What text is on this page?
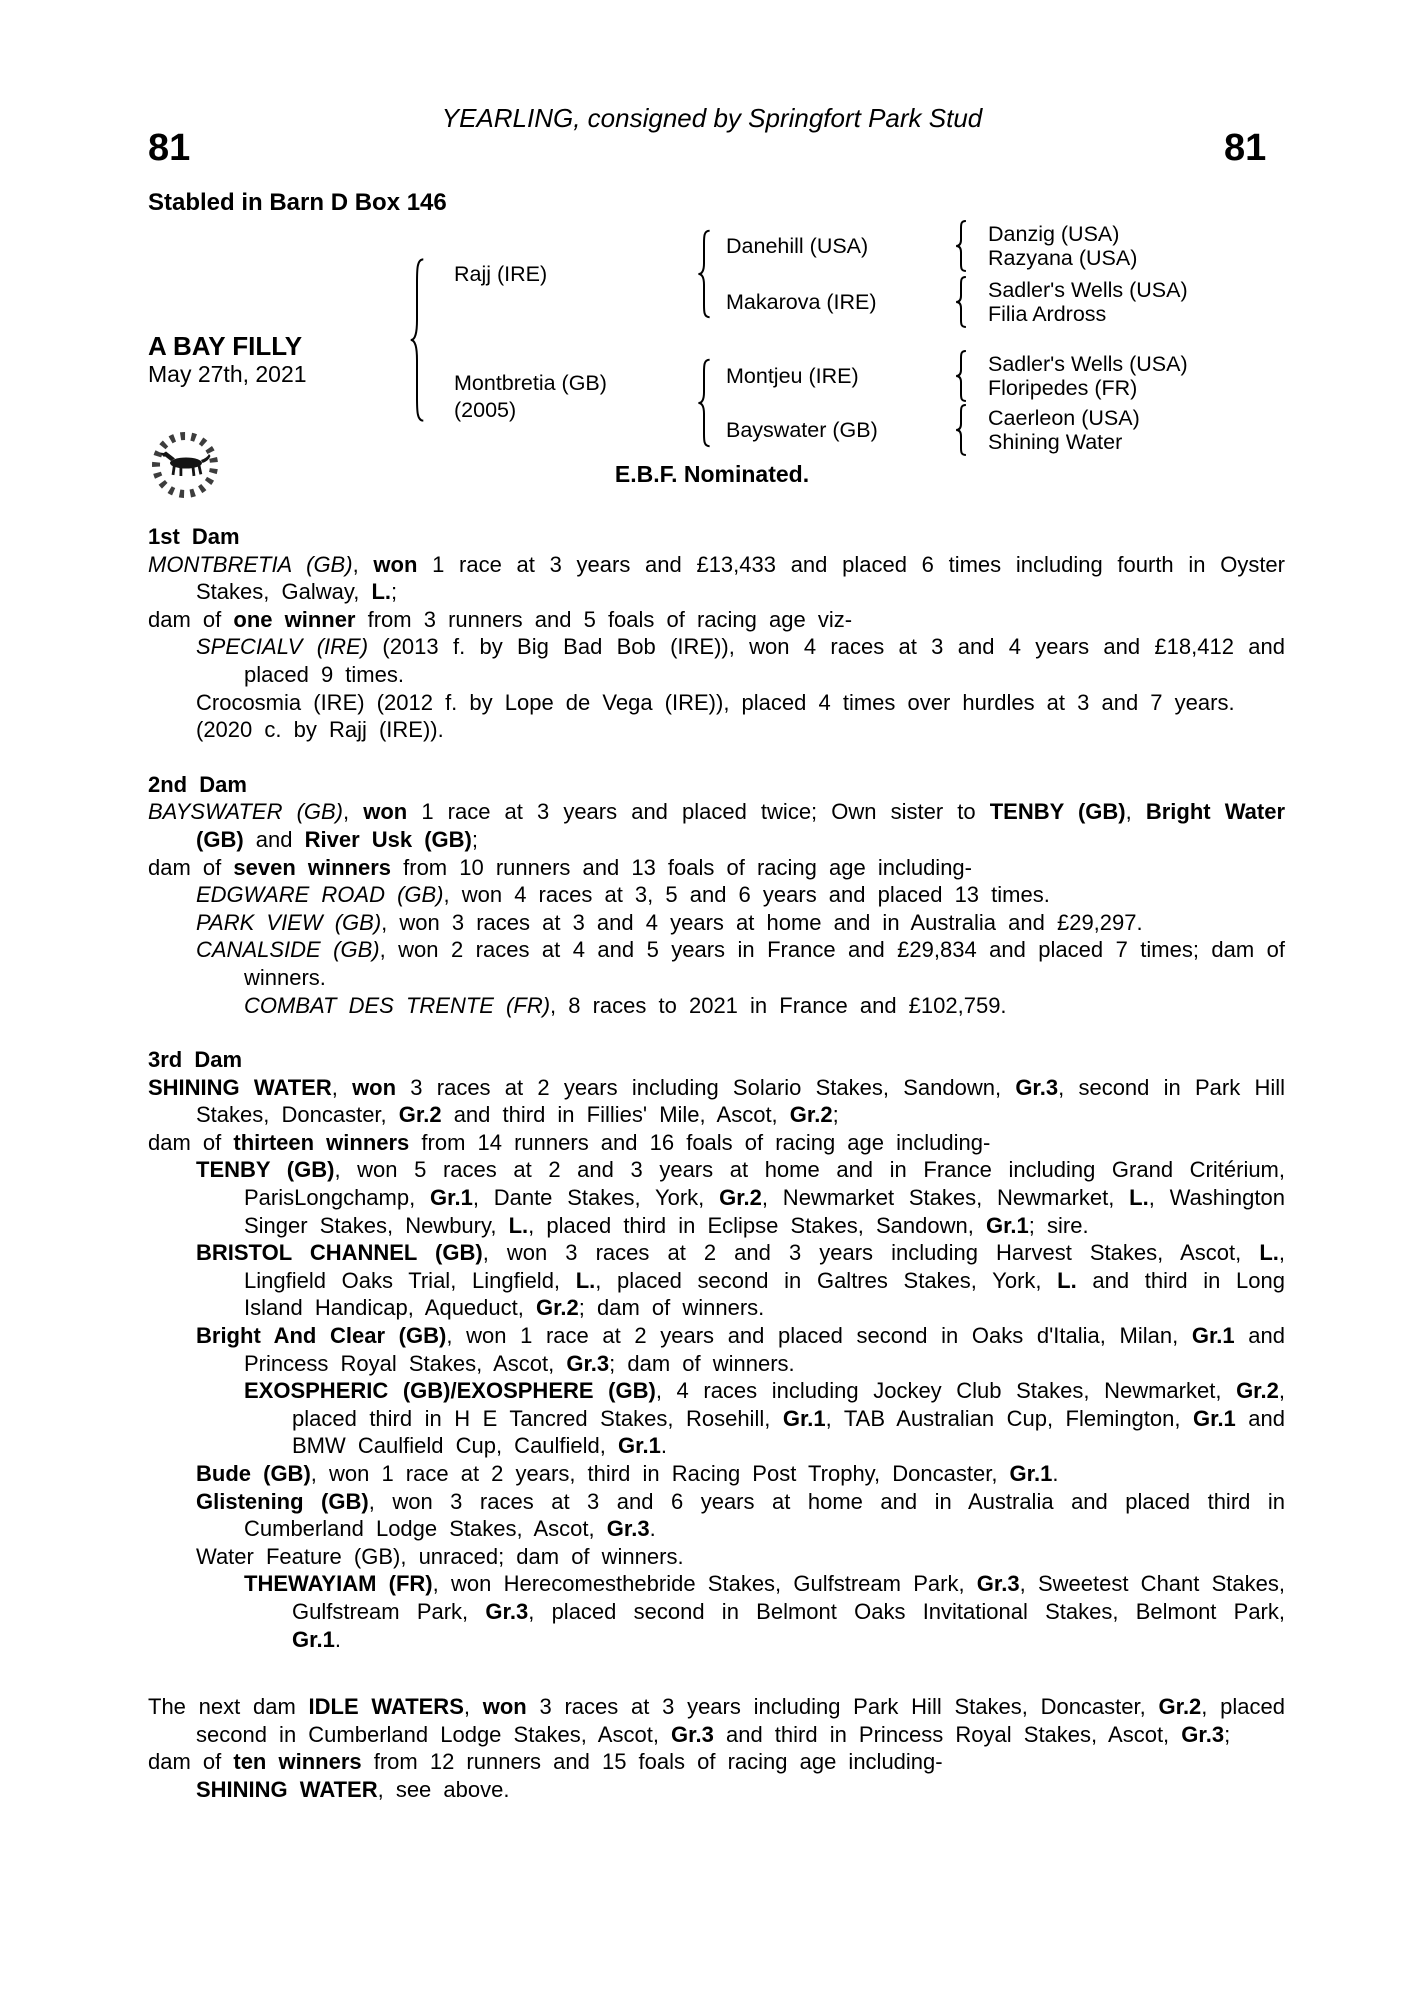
YEARLING, consigned by Springfort Park Stud
81	81
Stabled in Barn D Box 146
A BAY FILLY
May 27th, 2021
Rajj (IRE)
Montbretia (GB)
(2005)
Danehill (USA)
Makarova (IRE)
Montjeu (IRE)
Bayswater (GB)
Danzig (USA)
Razyana (USA)
Sadler's Wells (USA)
Filia Ardross
Sadler's Wells (USA)
Floripedes (FR)
Caerleon (USA)
Shining Water
E.B.F. Nominated.
1st Dam
MONTBRETIA (GB), won 1 race at 3 years and £13,433 and placed 6 times including fourth in Oyster Stakes, Galway, L.;
dam of one winner from 3 runners and 5 foals of racing age viz-
SPECIALV (IRE) (2013 f. by Big Bad Bob (IRE)), won 4 races at 3 and 4 years and £18,412 and placed 9 times.
Crocosmia (IRE) (2012 f. by Lope de Vega (IRE)), placed 4 times over hurdles at 3 and 7 years.
(2020 c. by Rajj (IRE)).
2nd Dam
BAYSWATER (GB), won 1 race at 3 years and placed twice; Own sister to TENBY (GB), Bright Water (GB) and River Usk (GB);
dam of seven winners from 10 runners and 13 foals of racing age including-
EDGWARE ROAD (GB), won 4 races at 3, 5 and 6 years and placed 13 times.
PARK VIEW (GB), won 3 races at 3 and 4 years at home and in Australia and £29,297.
CANALSIDE (GB), won 2 races at 4 and 5 years in France and £29,834 and placed 7 times; dam of winners.
COMBAT DES TRENTE (FR), 8 races to 2021 in France and £102,759.
3rd Dam
SHINING WATER, won 3 races at 2 years including Solario Stakes, Sandown, Gr.3, second in Park Hill Stakes, Doncaster, Gr.2 and third in Fillies' Mile, Ascot, Gr.2;
dam of thirteen winners from 14 runners and 16 foals of racing age including-
TENBY (GB), won 5 races at 2 and 3 years at home and in France including Grand Critérium, ParisLongchamp, Gr.1, Dante Stakes, York, Gr.2, Newmarket Stakes, Newmarket, L., Washington Singer Stakes, Newbury, L., placed third in Eclipse Stakes, Sandown, Gr.1; sire.
BRISTOL CHANNEL (GB), won 3 races at 2 and 3 years including Harvest Stakes, Ascot, L., Lingfield Oaks Trial, Lingfield, L., placed second in Galtres Stakes, York, L. and third in Long Island Handicap, Aqueduct, Gr.2; dam of winners.
Bright And Clear (GB), won 1 race at 2 years and placed second in Oaks d'Italia, Milan, Gr.1 and Princess Royal Stakes, Ascot, Gr.3; dam of winners.
EXOSPHERIC (GB)/EXOSPHERE (GB), 4 races including Jockey Club Stakes, Newmarket, Gr.2, placed third in H E Tancred Stakes, Rosehill, Gr.1, TAB Australian Cup, Flemington, Gr.1 and BMW Caulfield Cup, Caulfield, Gr.1.
Bude (GB), won 1 race at 2 years, third in Racing Post Trophy, Doncaster, Gr.1.
Glistening (GB), won 3 races at 3 and 6 years at home and in Australia and placed third in Cumberland Lodge Stakes, Ascot, Gr.3.
Water Feature (GB), unraced; dam of winners.
THEWAYIAM (FR), won Herecomesthebride Stakes, Gulfstream Park, Gr.3, Sweetest Chant Stakes, Gulfstream Park, Gr.3, placed second in Belmont Oaks Invitational Stakes, Belmont Park, Gr.1.
The next dam IDLE WATERS, won 3 races at 3 years including Park Hill Stakes, Doncaster, Gr.2, placed second in Cumberland Lodge Stakes, Ascot, Gr.3 and third in Princess Royal Stakes, Ascot, Gr.3;
dam of ten winners from 12 runners and 15 foals of racing age including-
SHINING WATER, see above.
